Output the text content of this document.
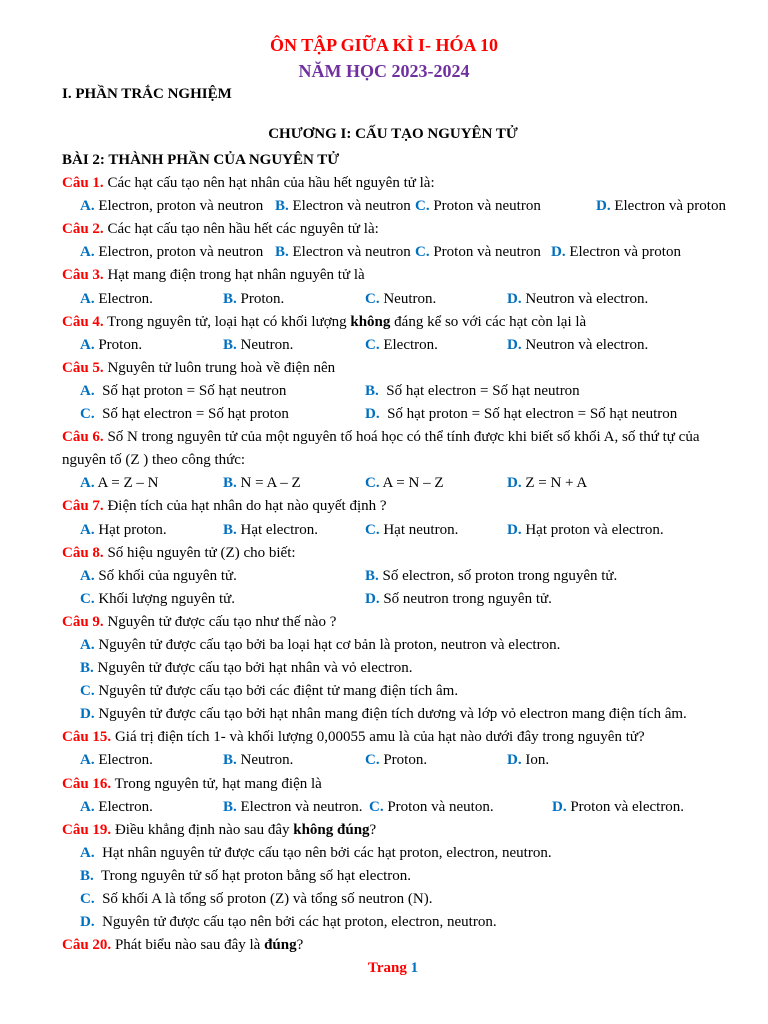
ÔN TẬP GIỮA KÌ I- HÓA 10
NĂM HỌC 2023-2024
I. PHẦN TRẮC NGHIỆM
CHƯƠNG I: CẤU TẠO NGUYÊN TỬ
BÀI 2: THÀNH PHẦN CỦA NGUYÊN TỬ
Câu 1. Các hạt cấu tạo nên hạt nhân của hầu hết nguyên tử là:
A. Electron, proton và neutron B. Electron và neutron C. Proton và neutron	D. Electron và proton
Câu 2. Các hạt cấu tạo nên hầu hết các nguyên tử là:
A. Electron, proton và neutron B. Electron và neutron C. Proton và neutron D. Electron và proton
Câu 3. Hạt mang điện trong hạt nhân nguyên tử là
A. Electron.	B. Proton.	C. Neutron.	D. Neutron và electron.
Câu 4. Trong nguyên tử, loại hạt có khối lượng không đáng kể so với các hạt còn lại là
A. Proton.	B. Neutron.	C. Electron.	D. Neutron và electron.
Câu 5. Nguyên tử luôn trung hoà về điện nên
A.  Số hạt proton = Số hạt neutron	B.  Số hạt electron = Số hạt neutron
C.  Số hạt electron = Số hạt proton	D.  Số hạt proton = Số hạt electron = Số hạt neutron
Câu 6. Số N trong nguyên tử của một nguyên tố hoá học có thể tính được khi biết số khối A, số thứ tự của
nguyên tố (Z ) theo công thức:
A. A = Z – N	B. N = A – Z	C. A = N – Z	D. Z = N + A
Câu 7. Điện tích của hạt nhân do hạt nào quyết định ?
A. Hạt proton.	B. Hạt electron.	C. Hạt neutron.	D. Hạt proton và electron.
Câu 8. Số hiệu nguyên tử (Z) cho biết:
A. Số khối của nguyên tử.	B. Số electron, số proton trong nguyên tử.
C. Khối lượng nguyên tử.	D. Số neutron trong nguyên tử.
Câu 9. Nguyên tử được cấu tạo như thế nào ?
A. Nguyên tử được cấu tạo bởi ba loại hạt cơ bản là proton, neutron và electron.
B. Nguyên tử được cấu tạo bởi hạt nhân và vỏ electron.
C. Nguyên tử được cấu tạo bởi các điệnt tử mang điện tích âm.
D. Nguyên tử được cấu tạo bởi hạt nhân mang điện tích dương và lớp vỏ electron mang điện tích âm.
Câu 15. Giá trị điện tích 1- và khối lượng 0,00055 amu là của hạt nào dưới đây trong nguyên tử?
A. Electron.	B. Neutron.	C. Proton.	D. Ion.
Câu 16. Trong nguyên tử, hạt mang điện là
A. Electron.	B. Electron và neutron. C. Proton và neuton.	D. Proton và electron.
Câu 19. Điều khẳng định nào sau đây không đúng?
A.  Hạt nhân nguyên tử được cấu tạo nên bởi các hạt proton, electron, neutron.
B.  Trong nguyên tử số hạt proton bằng số hạt electron.
C.  Số khối A là tổng số proton (Z) và tổng số neutron (N).
D.  Nguyên tử được cấu tạo nên bởi các hạt proton, electron, neutron.
Câu 20. Phát biểu nào sau đây là đúng?
Trang 1
